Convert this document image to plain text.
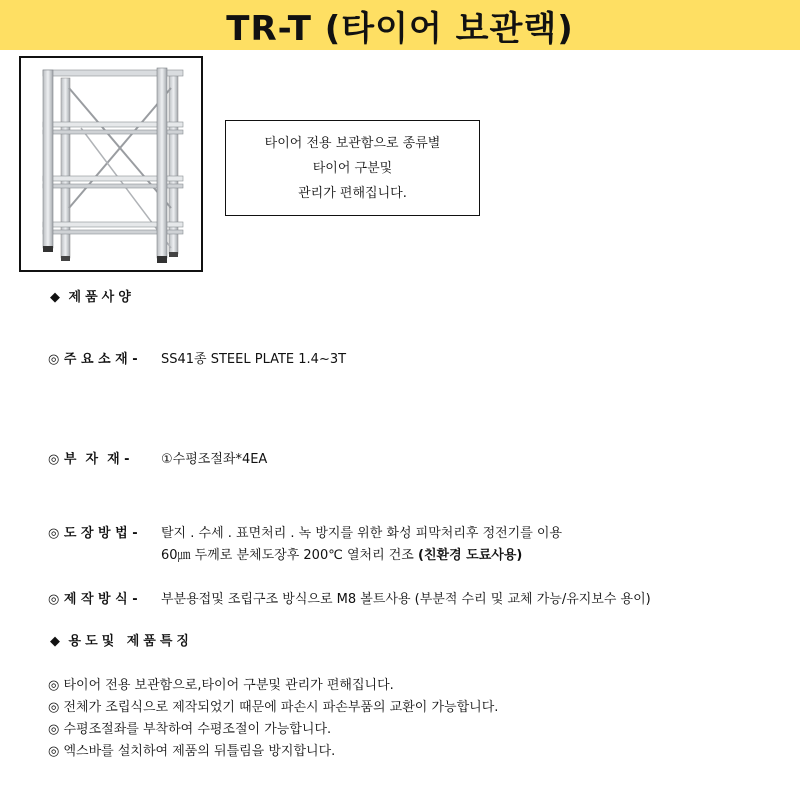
TR-T (타이어 보관랙)
타이어 전용 보관함으로 종류별
타이어 구분및
관리가 편해집니다.
◆ 제품사양
◎ 주 요 소 재 -	SS41종 STEEL PLATE 1.4~3T
◎ 부  자  재 -	①수평조절좌*4EA
◎ 도 장 방 법 -	탈지 . 수세 . 표면처리 . 녹 방지를 위한 화성 피막처리후 정전기를 이용
60㎛ 두께로 분체도장후 200℃ 열처리 건조 (친환경 도료사용)
◎ 제 작 방 식 -	부분용접및 조립구조 방식으로 M8 볼트사용 (부분적 수리 및 교체 가능/유지보수 용이)
◆ 용도및 제품특징
◎ 타이어 전용 보관함으로,타이어 구분및 관리가 편해집니다.
◎ 전체가 조립식으로 제작되었기 때문에 파손시 파손부품의 교환이 가능합니다.
◎ 수평조절좌를 부착하여 수평조절이 가능합니다.
◎ 엑스바를 설치하여 제품의 뒤틀림을 방지합니다.
